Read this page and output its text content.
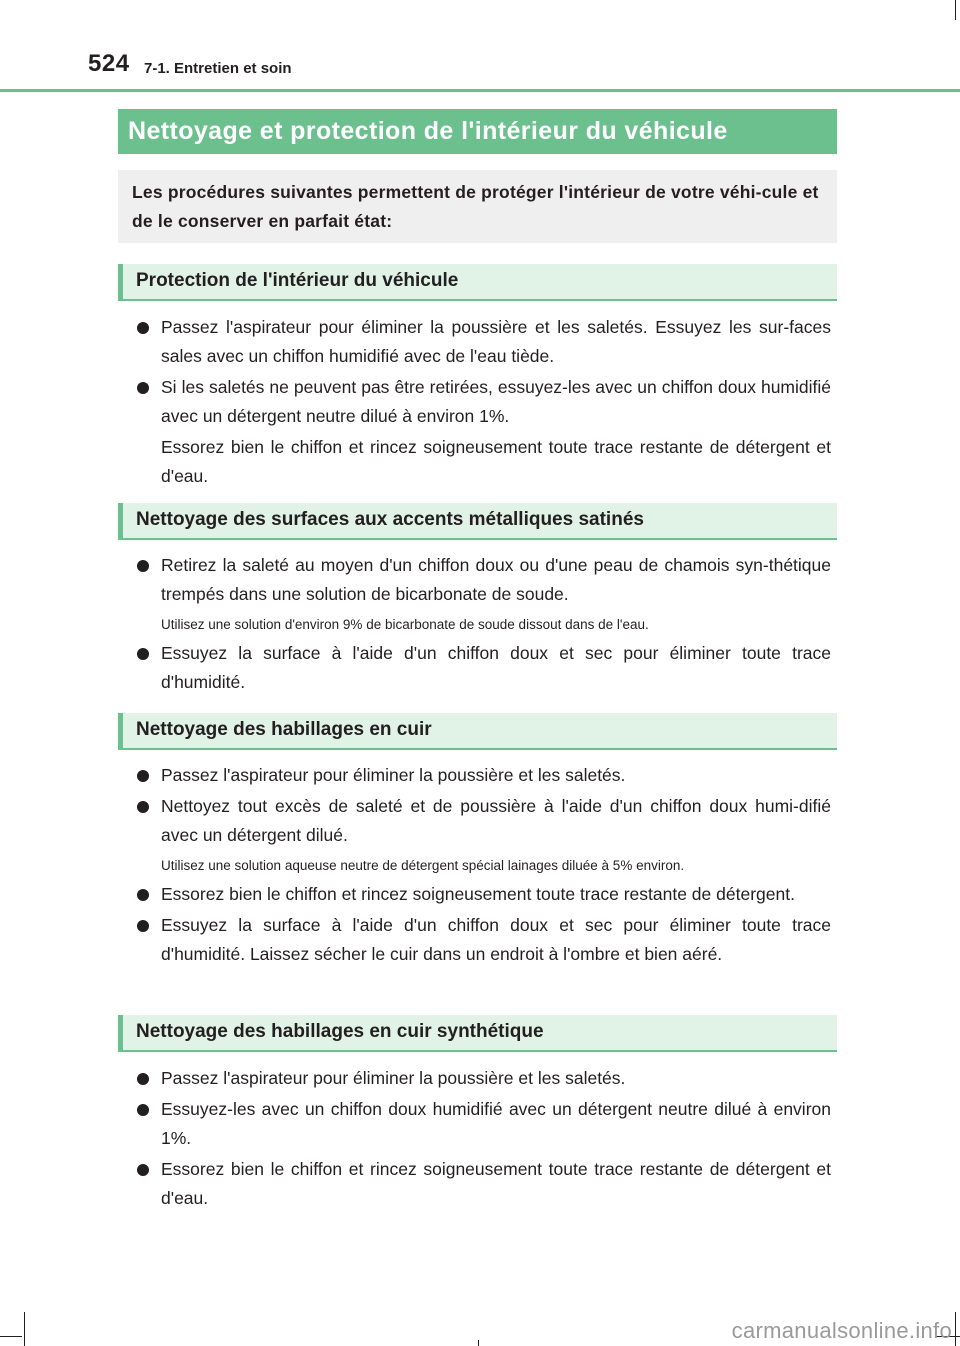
524 7-1. Entretien et soin
Nettoyage et protection de l'intérieur du véhicule
Les procédures suivantes permettent de protéger l'intérieur de votre véhi-cule et de le conserver en parfait état:
Protection de l'intérieur du véhicule
Passez l'aspirateur pour éliminer la poussière et les saletés. Essuyez les sur-faces sales avec un chiffon humidifié avec de l'eau tiède.
Si les saletés ne peuvent pas être retirées, essuyez-les avec un chiffon doux humidifié avec un détergent neutre dilué à environ 1%.
Essorez bien le chiffon et rincez soigneusement toute trace restante de détergent et d'eau.
Nettoyage des surfaces aux accents métalliques satinés
Retirez la saleté au moyen d'un chiffon doux ou d'une peau de chamois syn-thétique trempés dans une solution de bicarbonate de soude.
Utilisez une solution d'environ 9% de bicarbonate de soude dissout dans de l'eau.
Essuyez la surface à l'aide d'un chiffon doux et sec pour éliminer toute trace d'humidité.
Nettoyage des habillages en cuir
Passez l'aspirateur pour éliminer la poussière et les saletés.
Nettoyez tout excès de saleté et de poussière à l'aide d'un chiffon doux humi-difié avec un détergent dilué.
Utilisez une solution aqueuse neutre de détergent spécial lainages diluée à 5% environ.
Essorez bien le chiffon et rincez soigneusement toute trace restante de détergent.
Essuyez la surface à l'aide d'un chiffon doux et sec pour éliminer toute trace d'humidité. Laissez sécher le cuir dans un endroit à l'ombre et bien aéré.
Nettoyage des habillages en cuir synthétique
Passez l'aspirateur pour éliminer la poussière et les saletés.
Essuyez-les avec un chiffon doux humidifié avec un détergent neutre dilué à environ 1%.
Essorez bien le chiffon et rincez soigneusement toute trace restante de détergent et d'eau.
carmanualsonline.info
